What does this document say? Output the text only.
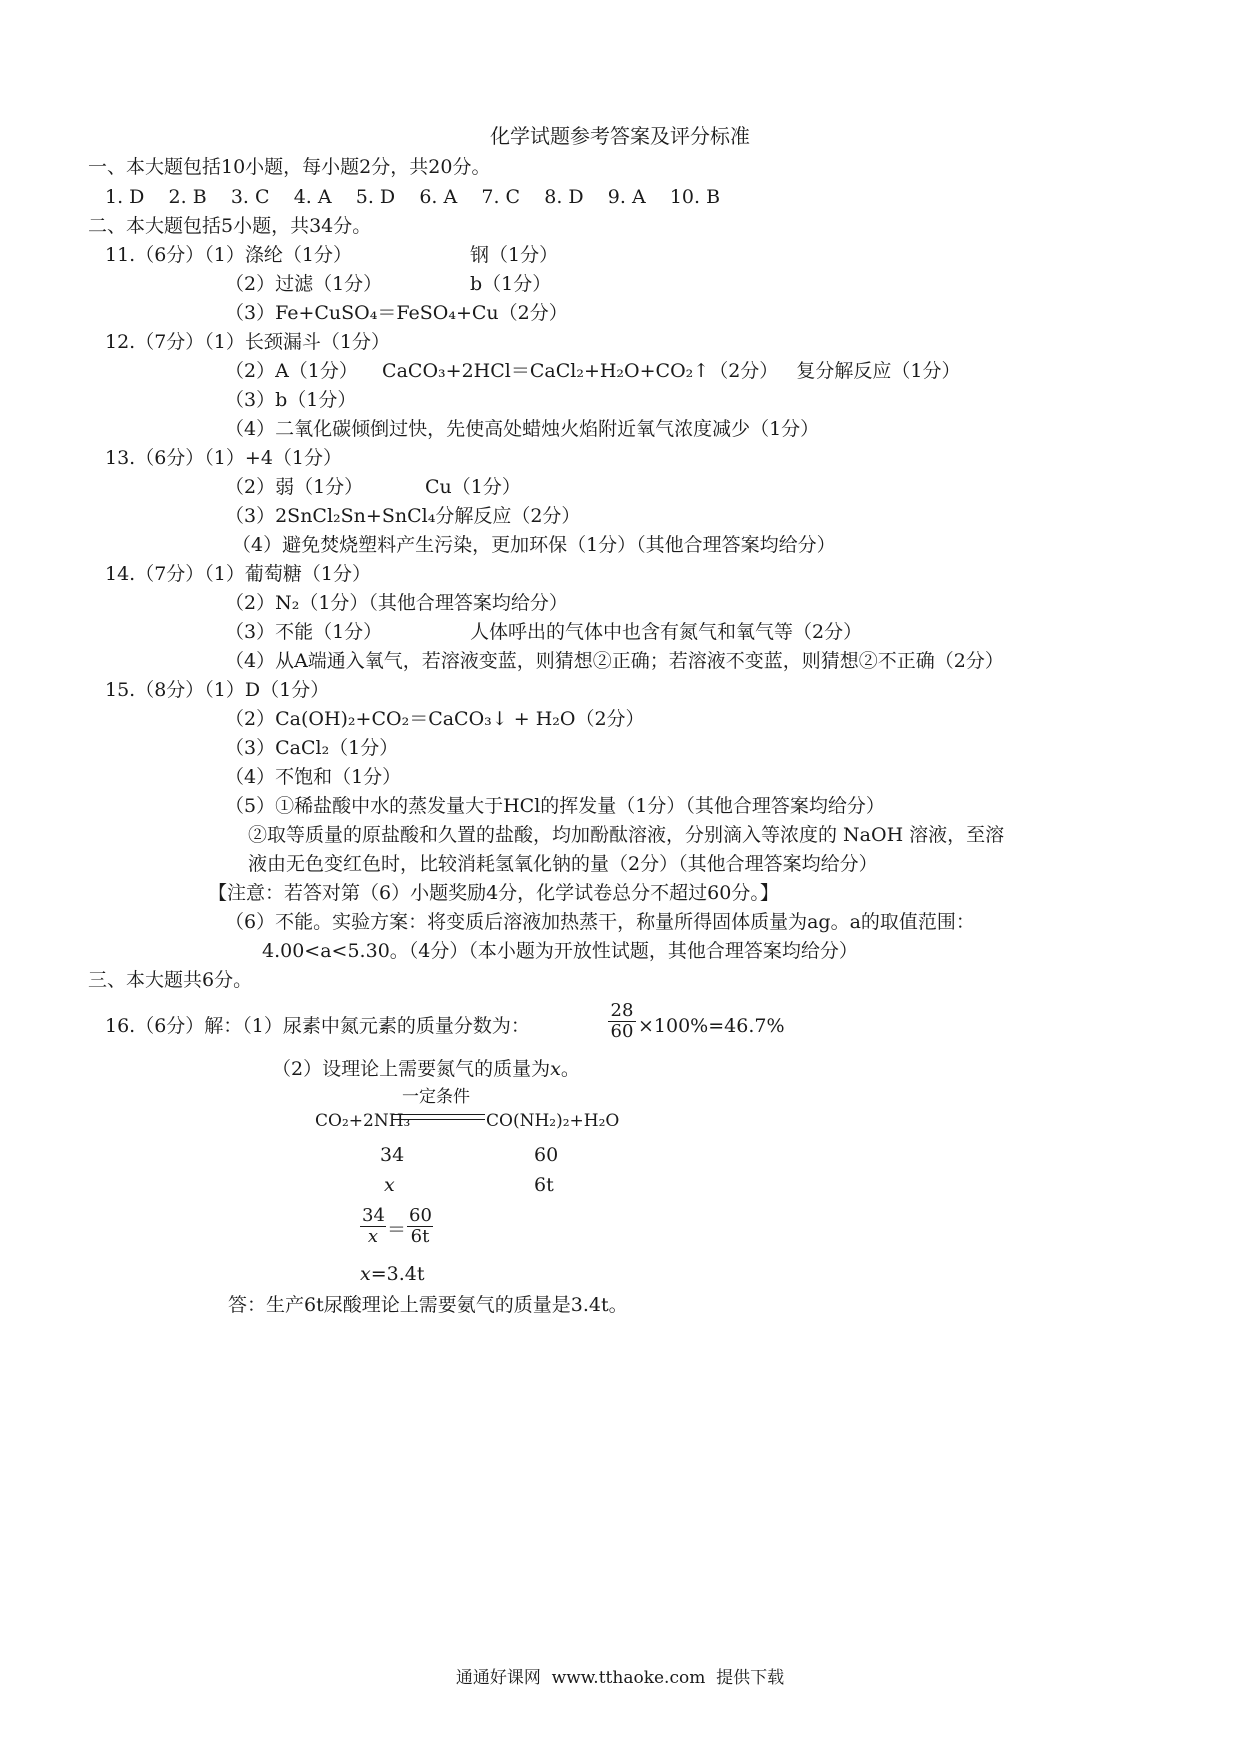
化学试题参考答案及评分标准
一、本大题包括10小题，每小题2分，共20分。
1. D    2. B    3. C    4. A    5. D    6. A    7. C    8. D    9. A    10. B
二、本大题包括5小题，共34分。
11.（6分）（1）涤纶（1分）	钢（1分）
（2）过滤（1分）	b（1分）
（3）Fe+CuSO₄＝FeSO₄+Cu（2分）
12.（7分）（1）长颈漏斗（1分）
（2）A（1分）    CaCO₃+2HCl＝CaCl₂+H₂O+CO₂↑（2分）   复分解反应（1分）
（3）b（1分）
（4）二氧化碳倾倒过快，先使高处蜡烛火焰附近氧气浓度减少（1分）
13.（6分）（1）+4（1分）
（2）弱（1分）	Cu（1分）
（3）2SnCl₂Sn+SnCl₄分解反应（2分）
（4）避免焚烧塑料产生污染，更加环保（1分）（其他合理答案均给分）
14.（7分）（1）葡萄糖（1分）
（2）N₂（1分）（其他合理答案均给分）
（3）不能（1分）	人体呼出的气体中也含有氮气和氧气等（2分）
（4）从A端通入氧气，若溶液变蓝，则猜想②正确；若溶液不变蓝，则猜想②不正确（2分）
15.（8分）（1）D（1分）
（2）Ca(OH)₂+CO₂＝CaCO₃↓ + H₂O（2分）
（3）CaCl₂（1分）
（4）不饱和（1分）
（5）①稀盐酸中水的蒸发量大于HCl的挥发量（1分）（其他合理答案均给分）
②取等质量的原盐酸和久置的盐酸，均加酚酞溶液，分别滴入等浓度的 NaOH 溶液，至溶
液由无色变红色时，比较消耗氢氧化钠的量（2分）（其他合理答案均给分）
【注意：若答对第（6）小题奖励4分，化学试卷总分不超过60分。】
（6）不能。实验方案：将变质后溶液加热蒸干，称量所得固体质量为ag。a的取值范围：
4.00<a<5.30。（4分）（本小题为开放性试题，其他合理答案均给分）
三、本大题共6分。
16.（6分）解：（1）尿素中氮元素的质量分数为：	$\frac{28}{60} \times 100\%=46.7\%$
（2）设理论上需要氮气的质量为x。
一定条件
CO₂+2NH₃	CO(NH₂)₂+H₂O
34	60
x	6t
$\frac{34}{x} = \frac{60}{6t}$
x=3.4t
答：生产6t尿酸理论上需要氨气的质量是3.4t。
通通好课网  www.tthaoke.com  提供下载
